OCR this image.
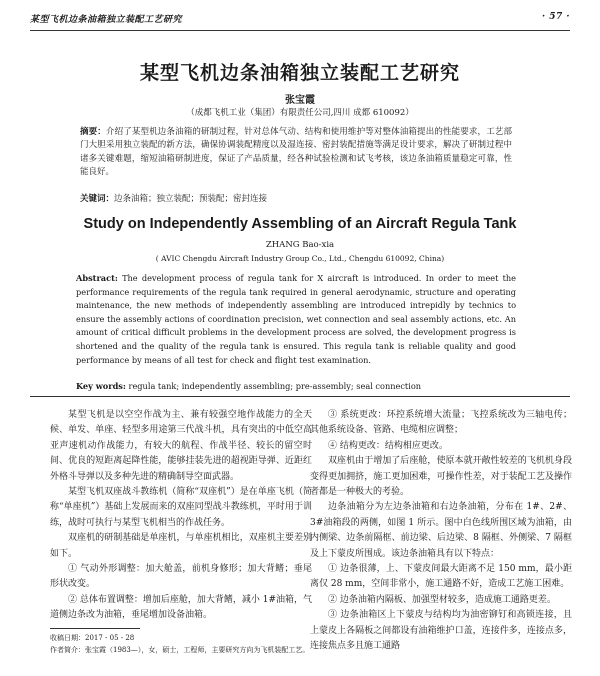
某型飞机边条油箱独立装配工艺研究	· 57 ·
某型飞机边条油箱独立装配工艺研究
张宝霞
（成都飞机工业（集团）有限责任公司,四川 成都 610092）
摘要：介绍了某型机边条油箱的研制过程，针对总体气动、结构和使用维护等对整体油箱提出的性能要求，工艺部门大胆采用独立装配的新方法，确保协调装配精度以及湿连接、密封装配措施等满足设计要求，解决了研制过程中诸多关键难题，缩短油箱研制进度，保证了产品质量，经各种试验检测和试飞考核，该边条油箱质量稳定可靠，性能良好。
关键词：边条油箱；独立装配；预装配；密封连接
Study on Independently Assembling of an Aircraft Regula Tank
ZHANG Bao-xia
( AVIC Chengdu Aircraft Industry Group Co., Ltd., Chengdu 610092, China)
Abstract: The development process of regula tank for X aircraft is introduced. In order to meet the performance requirements of the regula tank required in general aerodynamic, structure and operating maintenance, the new methods of independently assembling are introduced intrepidly by technics to ensure the assembly actions of coordination precision, wet connection and seal assembly actions, etc. An amount of critical difficult problems in the development process are solved, the development progress is shortened and the quality of the regula tank is ensured. This regula tank is reliable quality and good performance by means of all test for check and flight test examination.
Key words: regula tank; independently assembling; pre-assembly; seal connection

某型飞机是以空空作战为主、兼有较强空地作战能力的全天候、单发、单座、轻型多用途第三代战斗机，具有突出的中低空高亚声速机动作战能力，有较大的航程、作战半径、较长的留空时间、优良的短距离起降性能，能够挂装先进的超视距导弹、近距红外格斗导弹以及多种先进的精确制导空面武器。

某型飞机双座战斗教练机（简称“双座机”）是在单座飞机（简称“单座机”）基础上发展而来的双座同型战斗教练机，平时用于训练，战时可执行与某型飞机相当的作战任务。

双座机的研制基础是单座机，与单座机相比，双座机主要差别如下。

① 气动外形调整：加大舱盖，前机身修形；加大背鳍；垂尾形状改变。

② 总体布置调整：增加后座舱，加大背鳍，减小 1#油箱，气道侧边条改为油箱，垂尾增加设备油箱。

③ 系统更改：环控系统增大流量；飞控系统改为三轴电传；其他系统设备、管路、电缆相应调整；

④ 结构更改：结构相应更改。

双座机由于增加了后座舱，使原本就开敞性较差的飞机机身段变得更加拥挤，施工更加困难，可操作性差，对于装配工艺及操作者都是一种极大的考验。

边条油箱分为左边条油箱和右边条油箱，分布在 1#、2#、3#油箱段的两侧，如图 1 所示。图中白色线所围区域为油箱，由内侧梁、边条前隔框、前边梁、后边梁、8 隔框、外侧梁、7 隔框及上下蒙皮所围成。该边条油箱具有以下特点：

① 边条很薄，上、下蒙皮间最大距离不足 150 mm，最小距离仅 28 mm，空间非常小，施工通路不好，造成工艺施工困难。

② 边条油箱内隔板、加强型材较多，造成施工通路更差。

③ 边条油箱区上下蒙皮与结构均为油密铆钉和高锁连接，且上蒙皮上各隔板之间都设有油箱维护口盖，连接件多，连接点多，连接焦点多且施工通路

收稿日期：2017 - 05 - 28
作者简介：张宝霞（1983—），女，硕士，工程师，主要研究方向为飞机装配工艺。
